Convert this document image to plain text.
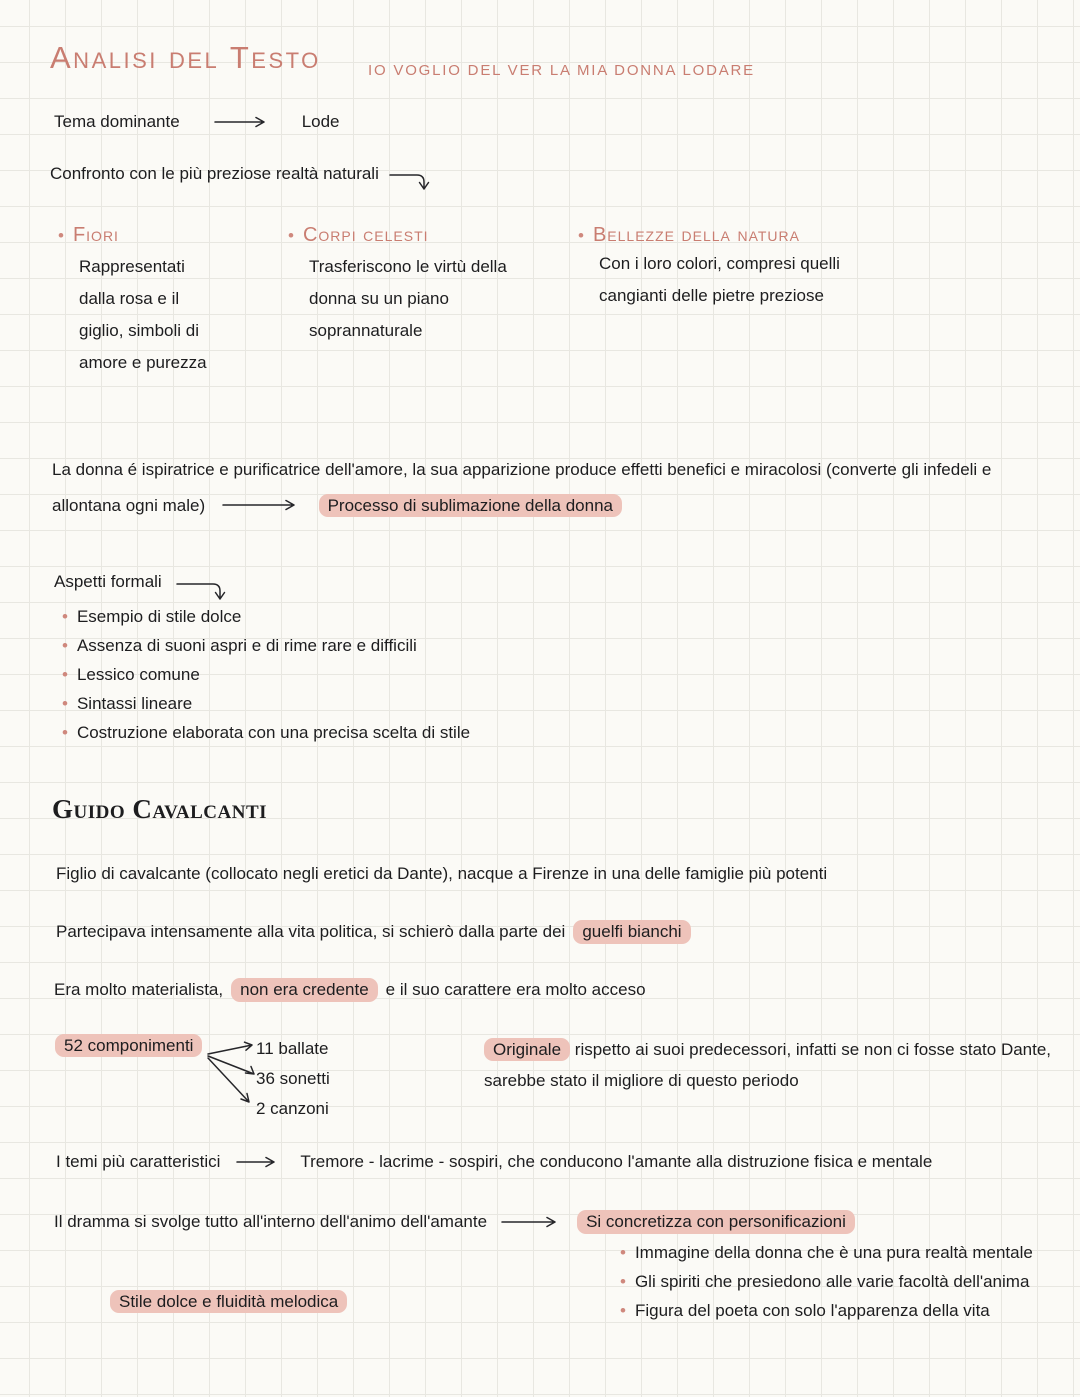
Analisi del Testo	IO VOGLIO DEL VER LA MIA DONNA LODARE
Tema dominante	Lode
Confronto con le più preziose realtà naturali
• Fiori
Rappresentati dalla rosa e il giglio, simboli di amore e purezza
• Corpi celesti
Trasferiscono le virtù della donna su un piano soprannaturale
• Bellezze della natura
Con i loro colori, compresi quelli cangianti delle pietre preziose
La donna é ispiratrice e purificatrice dell'amore, la sua apparizione produce effetti benefici e miracolosi (converte gli infedeli e allontana ogni male)	Processo di sublimazione della donna
Aspetti formali
• Esempio di stile dolce
• Assenza di suoni aspri e di rime rare e difficili
• Lessico comune
• Sintassi lineare
• Costruzione elaborata con una precisa scelta di stile
Guido Cavalcanti
Figlio di cavalcante (collocato negli eretici da Dante), nacque a Firenze in una delle famiglie più potenti
Partecipava intensamente alla vita politica, si schierò dalla parte dei	guelfi bianchi
Era molto materialista,	non era credente	e il suo carattere era molto acceso
52 componimenti	11 ballate
36 sonetti
2 canzoni
Originale rispetto ai suoi predecessori, infatti se non ci fosse stato Dante, sarebbe stato il migliore di questo periodo
I temi più caratteristici	Tremore - lacrime - sospiri, che conducono l'amante alla distruzione fisica e mentale
Il dramma si svolge tutto all'interno dell'animo dell'amante	Si concretizza con personificazioni
• Immagine della donna che è una pura realtà mentale
• Gli spiriti che presiedono alle varie facoltà dell'anima
• Figura del poeta con solo l'apparenza della vita
Stile dolce e fluidità melodica
